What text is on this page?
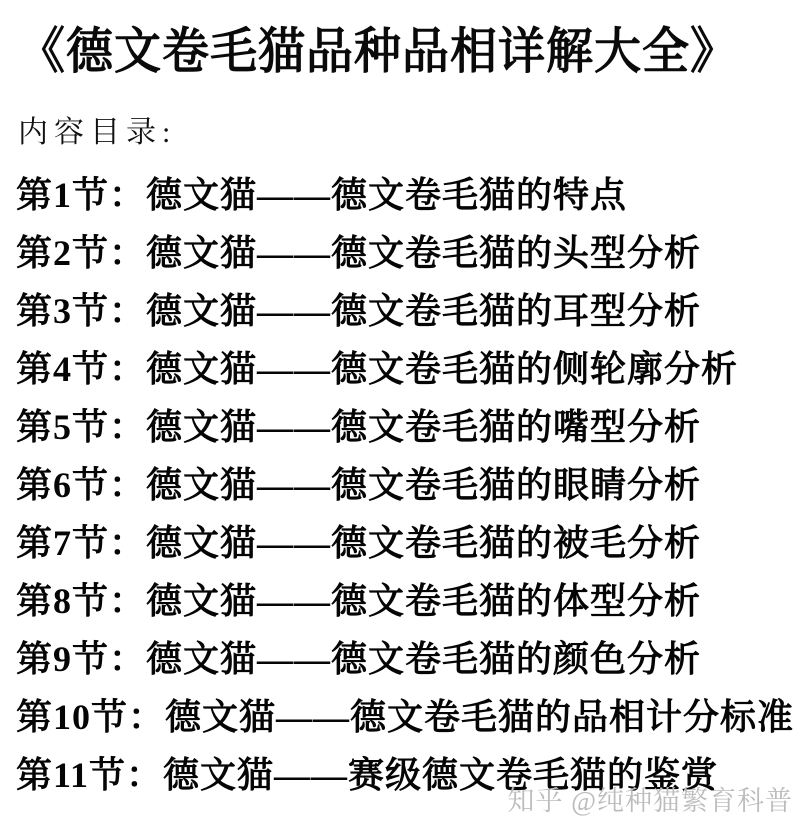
《德文卷毛猫品种品相详解大全》
内容目录:
第1节：德文猫——德文卷毛猫的特点
第2节：德文猫——德文卷毛猫的头型分析
第3节：德文猫——德文卷毛猫的耳型分析
第4节：德文猫——德文卷毛猫的侧轮廓分析
第5节：德文猫——德文卷毛猫的嘴型分析
第6节：德文猫——德文卷毛猫的眼睛分析
第7节：德文猫——德文卷毛猫的被毛分析
第8节：德文猫——德文卷毛猫的体型分析
第9节：德文猫——德文卷毛猫的颜色分析
第10节：德文猫——德文卷毛猫的品相计分标准
第11节：德文猫——赛级德文卷毛猫的鉴赏
知乎 @纯种猫繁育科普
